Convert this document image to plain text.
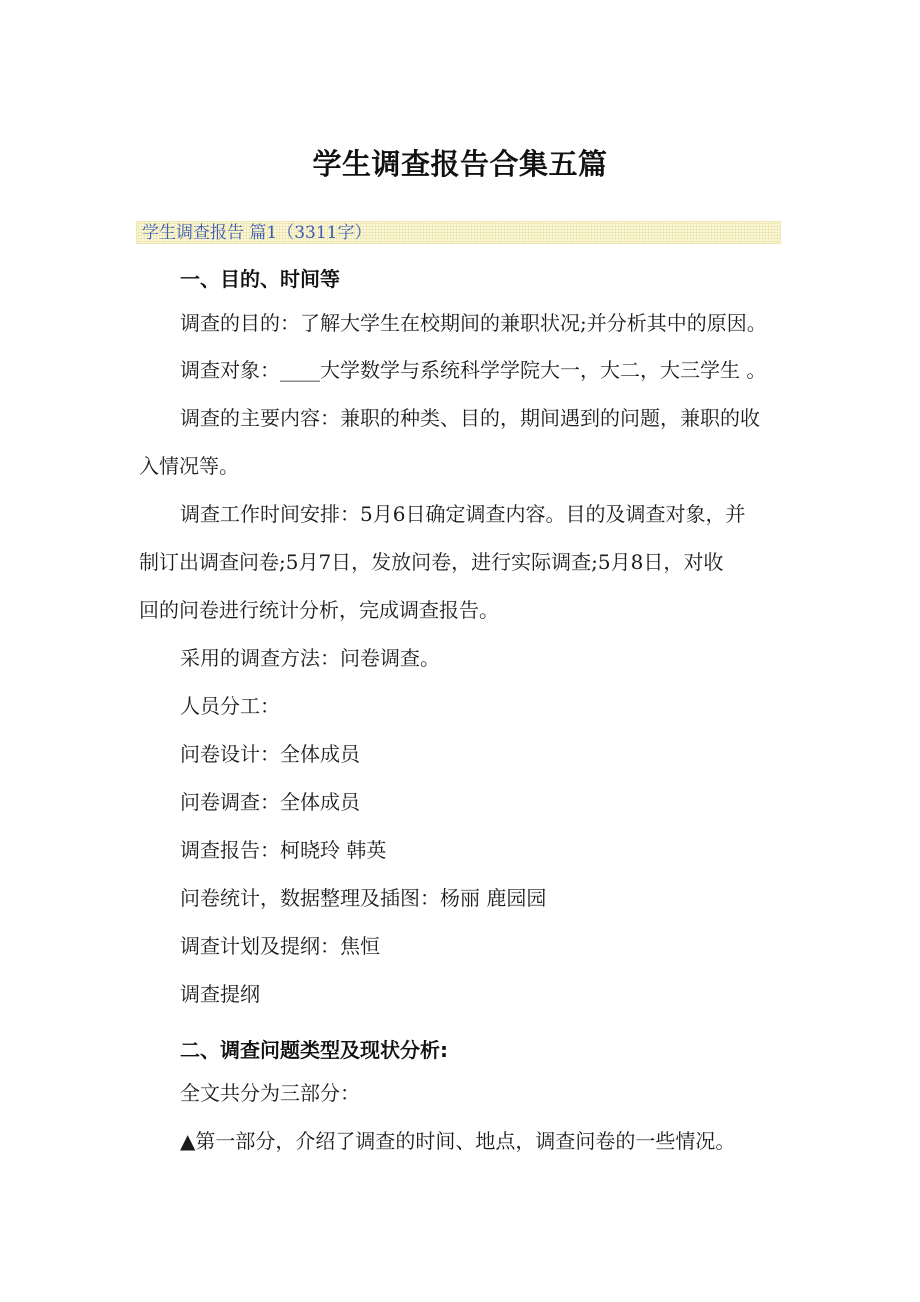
学生调查报告合集五篇
学生调查报告 篇1（3311字）
一、目的、时间等
调查的目的：了解大学生在校期间的兼职状况;并分析其中的原因。
调查对象：____大学数学与系统科学学院大一，大二，大三学生 。
调查的主要内容：兼职的种类、目的，期间遇到的问题，兼职的收
入情况等。
调查工作时间安排：5月6日确定调查内容。目的及调查对象，并
制订出调查问卷;5月7日，发放问卷，进行实际调查;5月8日，对收
回的问卷进行统计分析，完成调查报告。
采用的调查方法：问卷调查。
人员分工：
问卷设计：全体成员
问卷调查：全体成员
调查报告：柯晓玲 韩英
问卷统计，数据整理及插图：杨丽 鹿园园
调查计划及提纲：焦恒
调查提纲
二、调查问题类型及现状分析:
全文共分为三部分：
▲第一部分，介绍了调查的时间、地点，调查问卷的一些情况。
